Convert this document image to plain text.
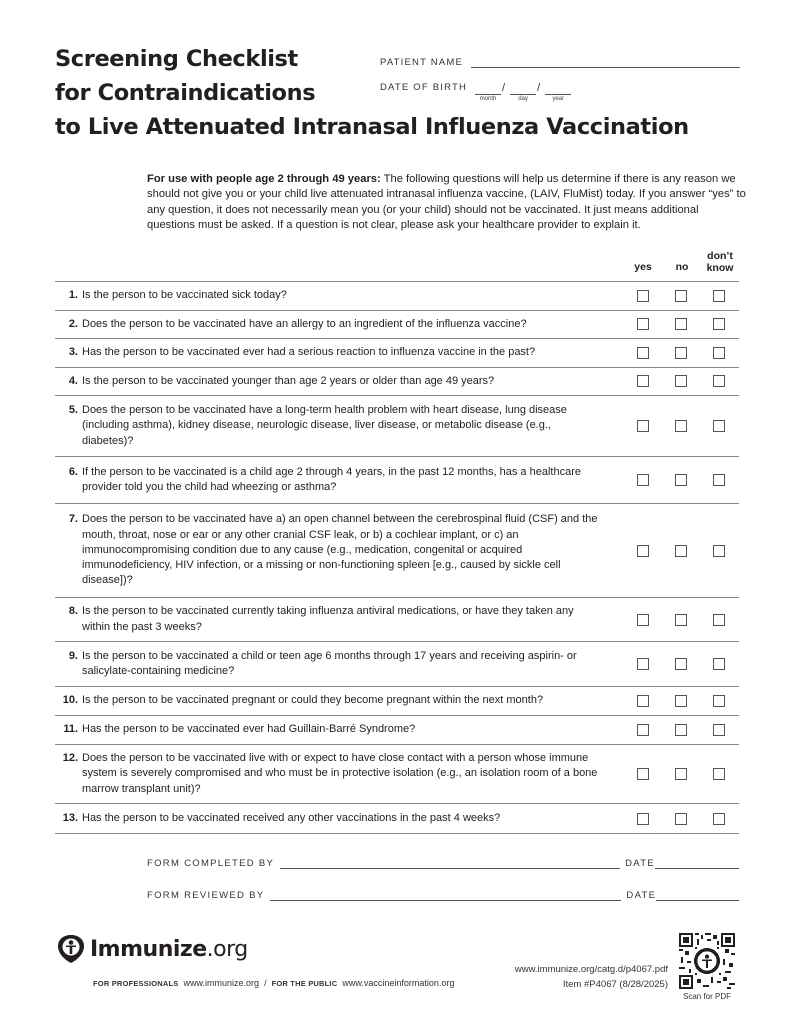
Screening Checklist
for Contraindications
to Live Attenuated Intranasal Influenza Vaccination
PATIENT NAME
DATE OF BIRTH
month
/
day
/
year
For use with people age 2 through 49 years: The following questions will help us determine if there is any reason we should not give you or your child live attenuated intranasal influenza vaccine, (LAIV, FluMist) today. If you answer “yes” to any question, it does not necessarily mean you (or your child) should not be vaccinated. It just means additional questions must be asked. If a question is not clear, please ask your healthcare provider to explain it.
yes	no
don’t
know
1. Is the person to be vaccinated sick today?
2. Does the person to be vaccinated have an allergy to an ingredient of the influenza vaccine?
3. Has the person to be vaccinated ever had a serious reaction to influenza vaccine in the past?
4. Is the person to be vaccinated younger than age 2 years or older than age 49 years?
5. Does the person to be vaccinated have a long-term health problem with heart disease, lung disease (including asthma), kidney disease, neurologic disease, liver disease, or metabolic disease (e.g., diabetes)?
6. If the person to be vaccinated is a child age 2 through 4 years, in the past 12 months, has a healthcare provider told you the child had wheezing or asthma?
7. Does the person to be vaccinated have a) an open channel between the cerebrospinal fluid (CSF) and the mouth, throat, nose or ear or any other cranial CSF leak, or b) a cochlear implant, or c) an immunocompromising condition due to any cause (e.g., medication, congenital or acquired immunodeficiency, HIV infection, or a missing or non-functioning spleen [e.g., caused by sickle cell disease])?
8. Is the person to be vaccinated currently taking influenza antiviral medications, or have they taken any within the past 3 weeks?
9. Is the person to be vaccinated a child or teen age 6 months through 17 years and receiving aspirin- or salicylate-containing medicine?
10. Is the person to be vaccinated pregnant or could they become pregnant within the next month?
11. Has the person to be vaccinated ever had Guillain-Barré Syndrome?
12. Does the person to be vaccinated live with or expect to have close contact with a person whose immune system is severely compromised and who must be in protective isolation (e.g., an isolation room of a bone marrow transplant unit)?
13. Has the person to be vaccinated received any other vaccinations in the past 4 weeks?
FORM COMPLETED BY	DATE
FORM REVIEWED BY	DATE
Immunize.org
FOR PROFESSIONALS www.immunize.org / FOR THE PUBLIC www.vaccineinformation.org
www.immunize.org/catg.d/p4067.pdf
Item #P4067 (8/28/2025)
Scan for PDF
